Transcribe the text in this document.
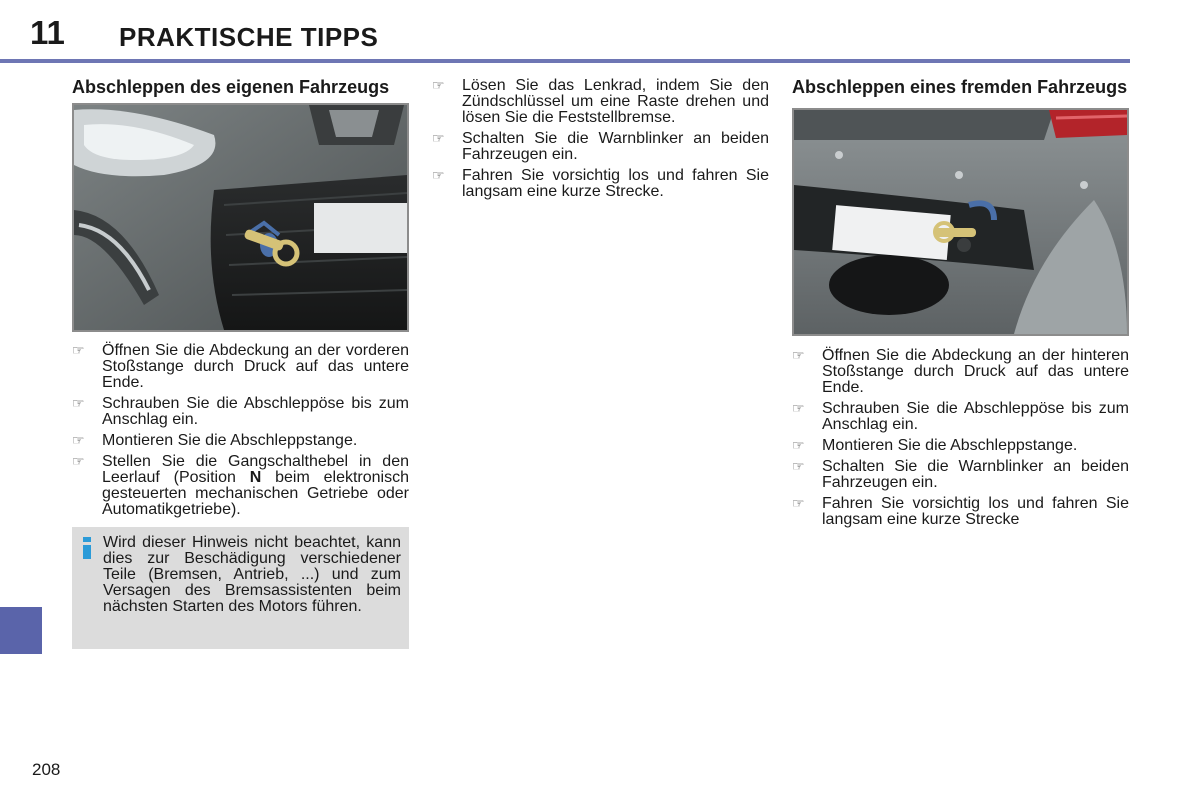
11 PRAKTISCHE TIPPS
Abschleppen des eigenen Fahrzeugs
☞ Öffnen Sie die Abdeckung an der vorderen Stoßstange durch Druck auf das untere Ende.
☞ Schrauben Sie die Abschleppöse bis zum Anschlag ein.
☞ Montieren Sie die Abschleppstange.
☞ Stellen Sie die Gangschalthebel in den Leerlauf (Position N beim elektronisch gesteuerten mechanischen Getriebe oder Automatikgetriebe).
Wird dieser Hinweis nicht beachtet, kann dies zur Beschädigung verschiedener Teile (Bremsen, Antrieb, ...) und zum Versagen des Bremsassistenten beim nächsten Starten des Motors führen.
☞ Lösen Sie das Lenkrad, indem Sie den Zündschlüssel um eine Raste drehen und lösen Sie die Feststellbremse.
☞ Schalten Sie die Warnblinker an beiden Fahrzeugen ein.
☞ Fahren Sie vorsichtig los und fahren Sie langsam eine kurze Strecke.
Abschleppen eines fremden Fahrzeugs
☞ Öffnen Sie die Abdeckung an der hinteren Stoßstange durch Druck auf das untere Ende.
☞ Schrauben Sie die Abschleppöse bis zum Anschlag ein.
☞ Montieren Sie die Abschleppstange.
☞ Schalten Sie die Warnblinker an beiden Fahrzeugen ein.
☞ Fahren Sie vorsichtig los und fahren Sie langsam eine kurze Strecke
208
